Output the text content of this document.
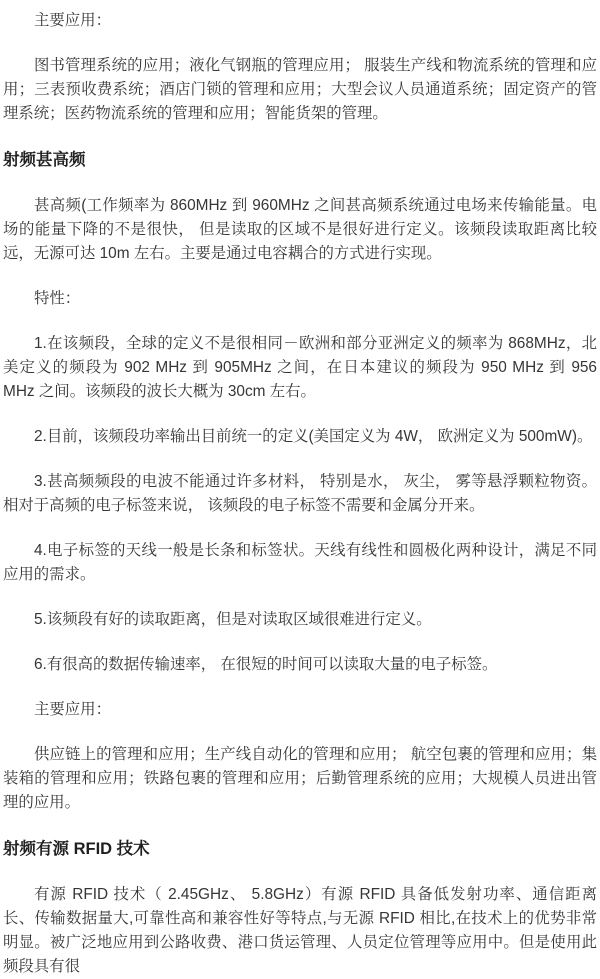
主要应用：

图书管理系统的应用；液化气钢瓶的管理应用； 服装生产线和物流系统的管理和应用；三表预收费系统；酒店门锁的管理和应用；大型会议人员通道系统；固定资产的管理系统；医药物流系统的管理和应用；智能货架的管理。

射频甚高频

甚高频(工作频率为 860MHz 到 960MHz 之间甚高频系统通过电场来传输能量。电场的能量下降的不是很快， 但是读取的区域不是很好进行定义。该频段读取距离比较远，无源可达 10m 左右。主要是通过电容耦合的方式进行实现。

特性：

1.在该频段，全球的定义不是很相同－欧洲和部分亚洲定义的频率为 868MHz，北美定义的频段为 902 MHz 到 905MHz 之间，在日本建议的频段为 950 MHz 到 956 MHz 之间。该频段的波长大概为 30cm 左右。

2.目前，该频段功率输出目前统一的定义(美国定义为 4W， 欧洲定义为 500mW)。

3.甚高频频段的电波不能通过许多材料， 特别是水， 灰尘， 雾等悬浮颗粒物资。相对于高频的电子标签来说， 该频段的电子标签不需要和金属分开来。

4.电子标签的天线一般是长条和标签状。天线有线性和圆极化两种设计，满足不同应用的需求。

5.该频段有好的读取距离，但是对读取区域很难进行定义。

6.有很高的数据传输速率， 在很短的时间可以读取大量的电子标签。

主要应用：

供应链上的管理和应用；生产线自动化的管理和应用； 航空包裹的管理和应用；集装箱的管理和应用；铁路包裹的管理和应用；后勤管理系统的应用；大规模人员进出管理的应用。

射频有源 RFID 技术

有源 RFID 技术（ 2.45GHz、 5.8GHz）有源 RFID 具备低发射功率、通信距离长、传输数据量大,可靠性高和兼容性好等特点,与无源 RFID 相比,在技术上的优势非常明显。被广泛地应用到公路收费、港口货运管理、人员定位管理等应用中。但是使用此频段具有很
